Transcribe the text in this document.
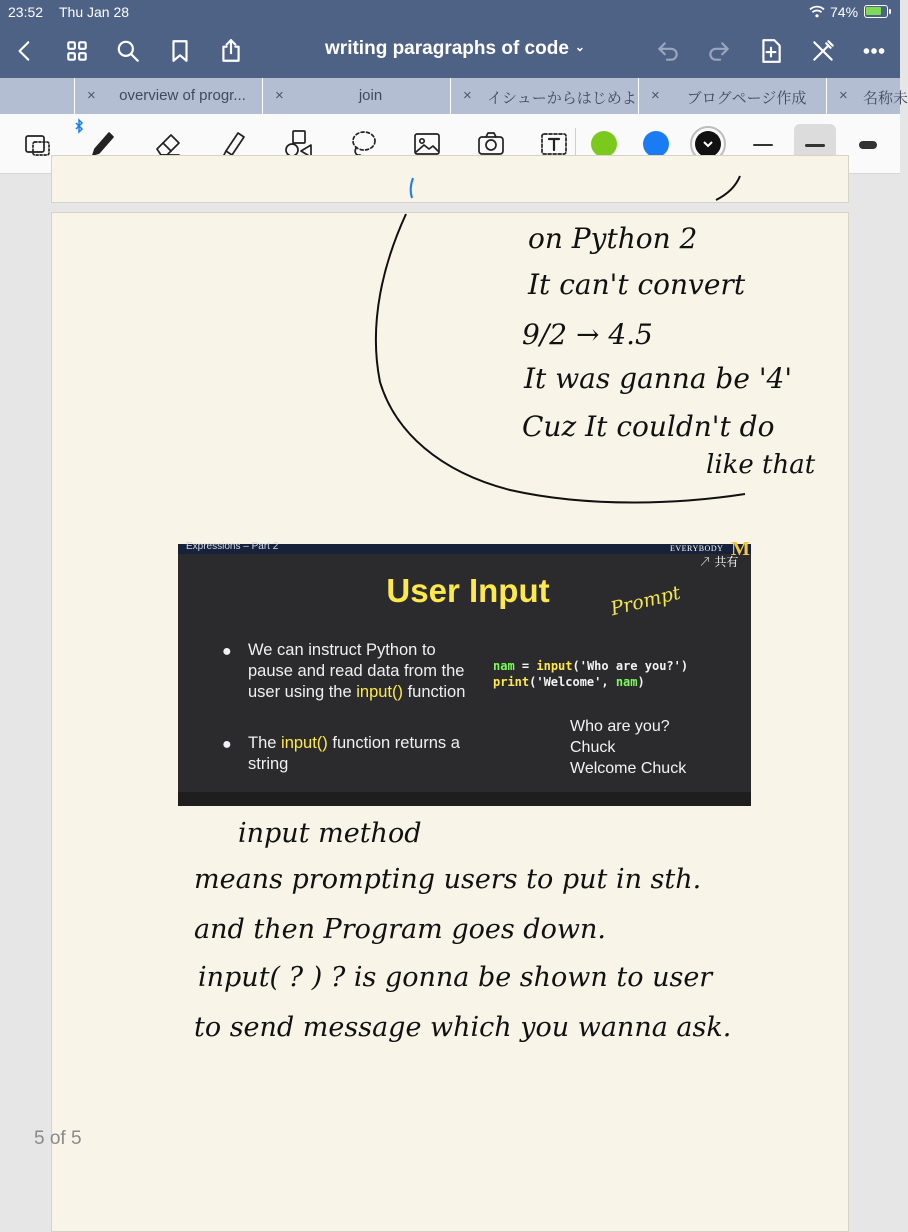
23:52 Thu Jan 28	74%
writing paragraphs of code ⌄
×	overview of progr...	×	join	× イシューからはじめよ ×	ブログページ作成	× 名称未
on Python 2
It can't convert
9/2 → 4.5
It was ganna be '4'
Cuz It couldn't do
like that
Expressions – Part 2	EVERYBODY M
↗ 共有
User Input
● We can instruct Python to pause and read data from the user using the input() function
● The input() function returns a string
nam = input('Who are you?')
print('Welcome', nam)
Who are you?
Chuck
Welcome Chuck
Prompt
input method
means prompting users to put in sth.
and then Program goes down.
input( ? ) ? is gonna be shown to user
to send message which you wanna ask.
5 of 5
